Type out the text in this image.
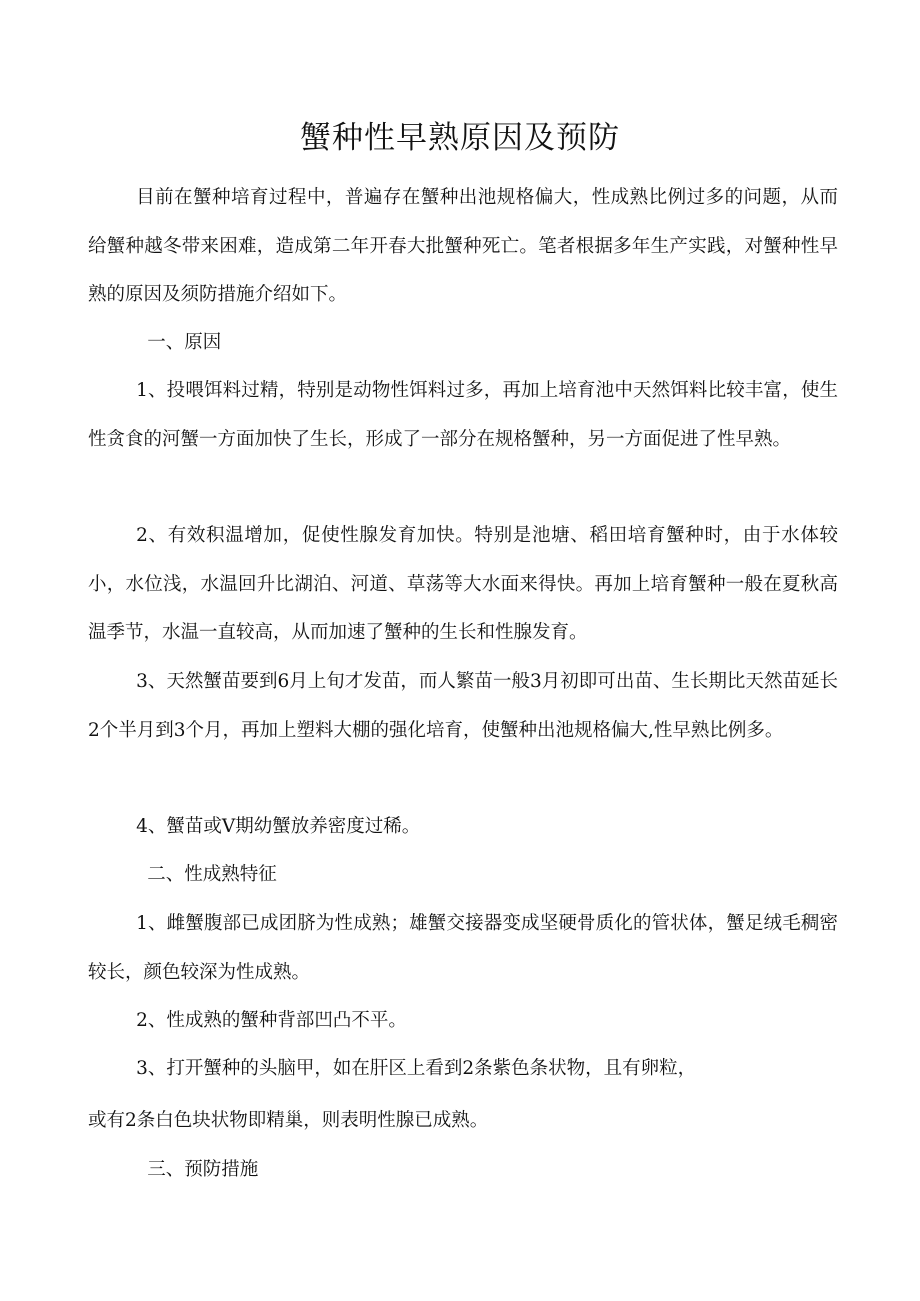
蟹种性早熟原因及预防

目前在蟹种培育过程中，普遍存在蟹种出池规格偏大，性成熟比例过多的问题，从而给蟹种越冬带来困难，造成第二年开春大批蟹种死亡。笔者根据多年生产实践，对蟹种性早熟的原因及须防措施介绍如下。

一、原因

1、投喂饵料过精，特别是动物性饵料过多，再加上培育池中天然饵料比较丰富，使生性贪食的河蟹一方面加快了生长，形成了一部分在规格蟹种，另一方面促进了性早熟。

2、有效积温增加，促使性腺发育加快。特别是池塘、稻田培育蟹种时，由于水体较小，水位浅，水温回升比湖泊、河道、草荡等大水面来得快。再加上培育蟹种一般在夏秋高温季节，水温一直较高，从而加速了蟹种的生长和性腺发育。

3、天然蟹苗要到6月上旬才发苗，而人繁苗一般3月初即可出苗、生长期比天然苗延长2个半月到3个月，再加上塑料大棚的强化培育，使蟹种出池规格偏大,性早熟比例多。

4、蟹苗或V期幼蟹放养密度过稀。

二、性成熟特征

1、雌蟹腹部已成团脐为性成熟；雄蟹交接器变成坚硬骨质化的管状体，蟹足绒毛稠密较长，颜色较深为性成熟。

2、性成熟的蟹种背部凹凸不平。

3、打开蟹种的头脑甲，如在肝区上看到2条紫色条状物，且有卵粒，

或有2条白色块状物即精巢，则表明性腺已成熟。

三、预防措施
